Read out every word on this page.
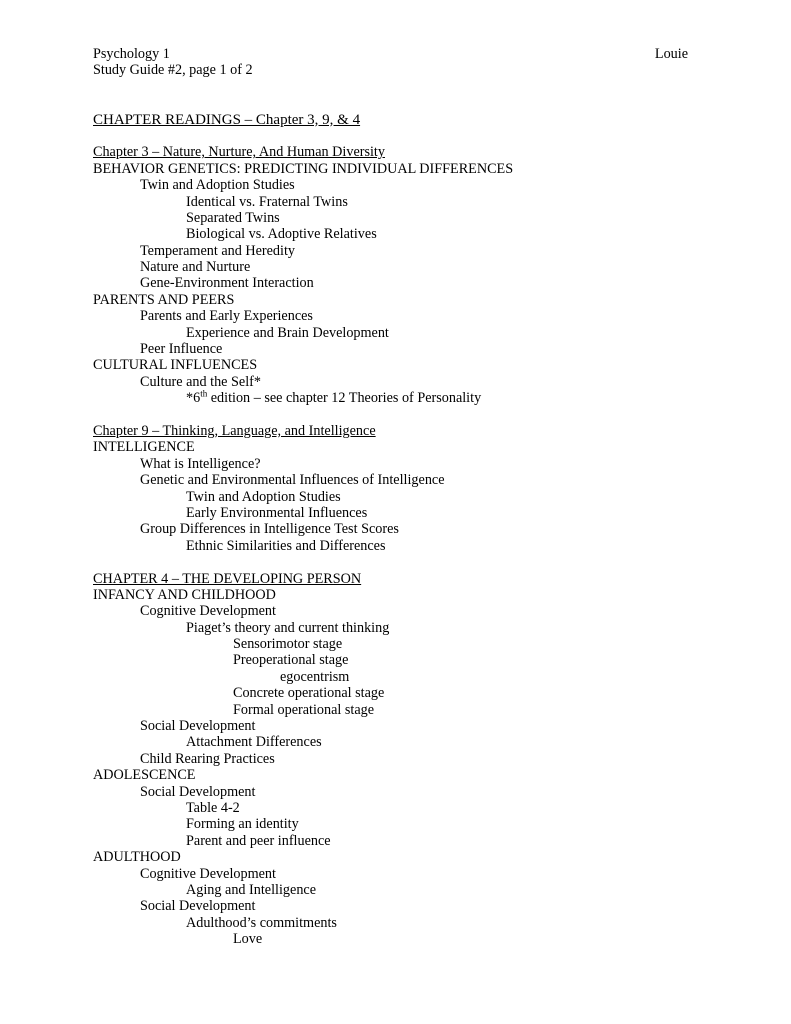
Psychology 1	Louie
Study Guide #2, page 1 of 2
CHAPTER READINGS – Chapter 3, 9, & 4
Chapter 3 – Nature, Nurture, And Human Diversity
BEHAVIOR GENETICS: PREDICTING INDIVIDUAL DIFFERENCES
Twin and Adoption Studies
Identical vs. Fraternal Twins
Separated Twins
Biological vs. Adoptive Relatives
Temperament and Heredity
Nature and Nurture
Gene-Environment Interaction
PARENTS AND PEERS
Parents and Early Experiences
Experience and Brain Development
Peer Influence
CULTURAL INFLUENCES
Culture and the Self*
*6th edition – see chapter 12 Theories of Personality
Chapter 9 – Thinking, Language, and Intelligence
INTELLIGENCE
What is Intelligence?
Genetic and Environmental Influences of Intelligence
Twin and Adoption Studies
Early Environmental Influences
Group Differences in Intelligence Test Scores
Ethnic Similarities and Differences
CHAPTER 4 – THE DEVELOPING PERSON
INFANCY AND CHILDHOOD
Cognitive Development
Piaget’s theory and current thinking
Sensorimotor stage
Preoperational stage
egocentrism
Concrete operational stage
Formal operational stage
Social Development
Attachment Differences
Child Rearing Practices
ADOLESCENCE
Social Development
Table 4-2
Forming an identity
Parent and peer influence
ADULTHOOD
Cognitive Development
Aging and Intelligence
Social Development
Adulthood’s commitments
Love
